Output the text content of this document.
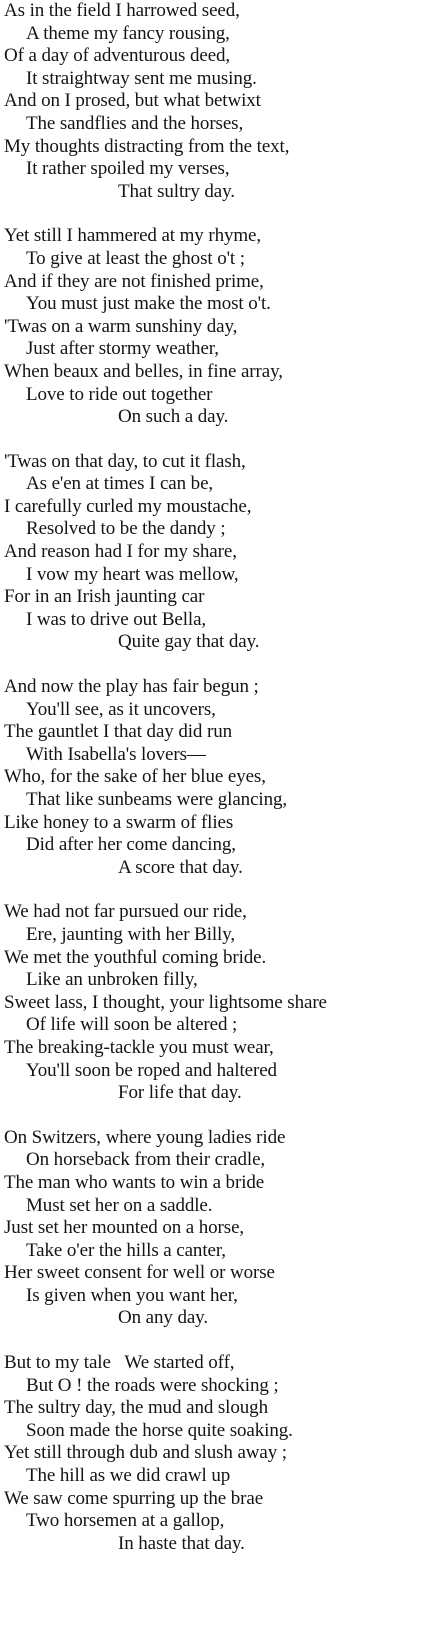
As in the field I harrowed seed,
A theme my fancy rousing,
Of a day of adventurous deed,
It straightway sent me musing.
And on I prosed, but what betwixt
The sandflies and the horses,
My thoughts distracting from the text,
It rather spoiled my verses,
That sultry day.
Yet still I hammered at my rhyme,
To give at least the ghost o't ;
And if they are not finished prime,
You must just make the most o't.
'Twas on a warm sunshiny day,
Just after stormy weather,
When beaux and belles, in fine array,
Love to ride out together
On such a day.
'Twas on that day, to cut it flash,
As e'en at times I can be,
I carefully curled my moustache,
Resolved to be the dandy ;
And reason had I for my share,
I vow my heart was mellow,
For in an Irish jaunting car
I was to drive out Bella,
Quite gay that day.
And now the play has fair begun ;
You'll see, as it uncovers,
The gauntlet I that day did run
With Isabella's lovers—
Who, for the sake of her blue eyes,
That like sunbeams were glancing,
Like honey to a swarm of flies
Did after her come dancing,
A score that day.
We had not far pursued our ride,
Ere, jaunting with her Billy,
We met the youthful coming bride.
Like an unbroken filly,
Sweet lass, I thought, your lightsome share
Of life will soon be altered ;
The breaking-tackle you must wear,
You'll soon be roped and haltered
For life that day.
On Switzers, where young ladies ride
On horseback from their cradle,
The man who wants to win a bride
Must set her on a saddle.
Just set her mounted on a horse,
Take o'er the hills a canter,
Her sweet consent for well or worse
Is given when you want her,
On any day.
But to my tale   We started off,
But O ! the roads were shocking ;
The sultry day, the mud and slough
Soon made the horse quite soaking.
Yet still through dub and slush away ;
The hill as we did crawl up
We saw come spurring up the brae
Two horsemen at a gallop,
In haste that day.
